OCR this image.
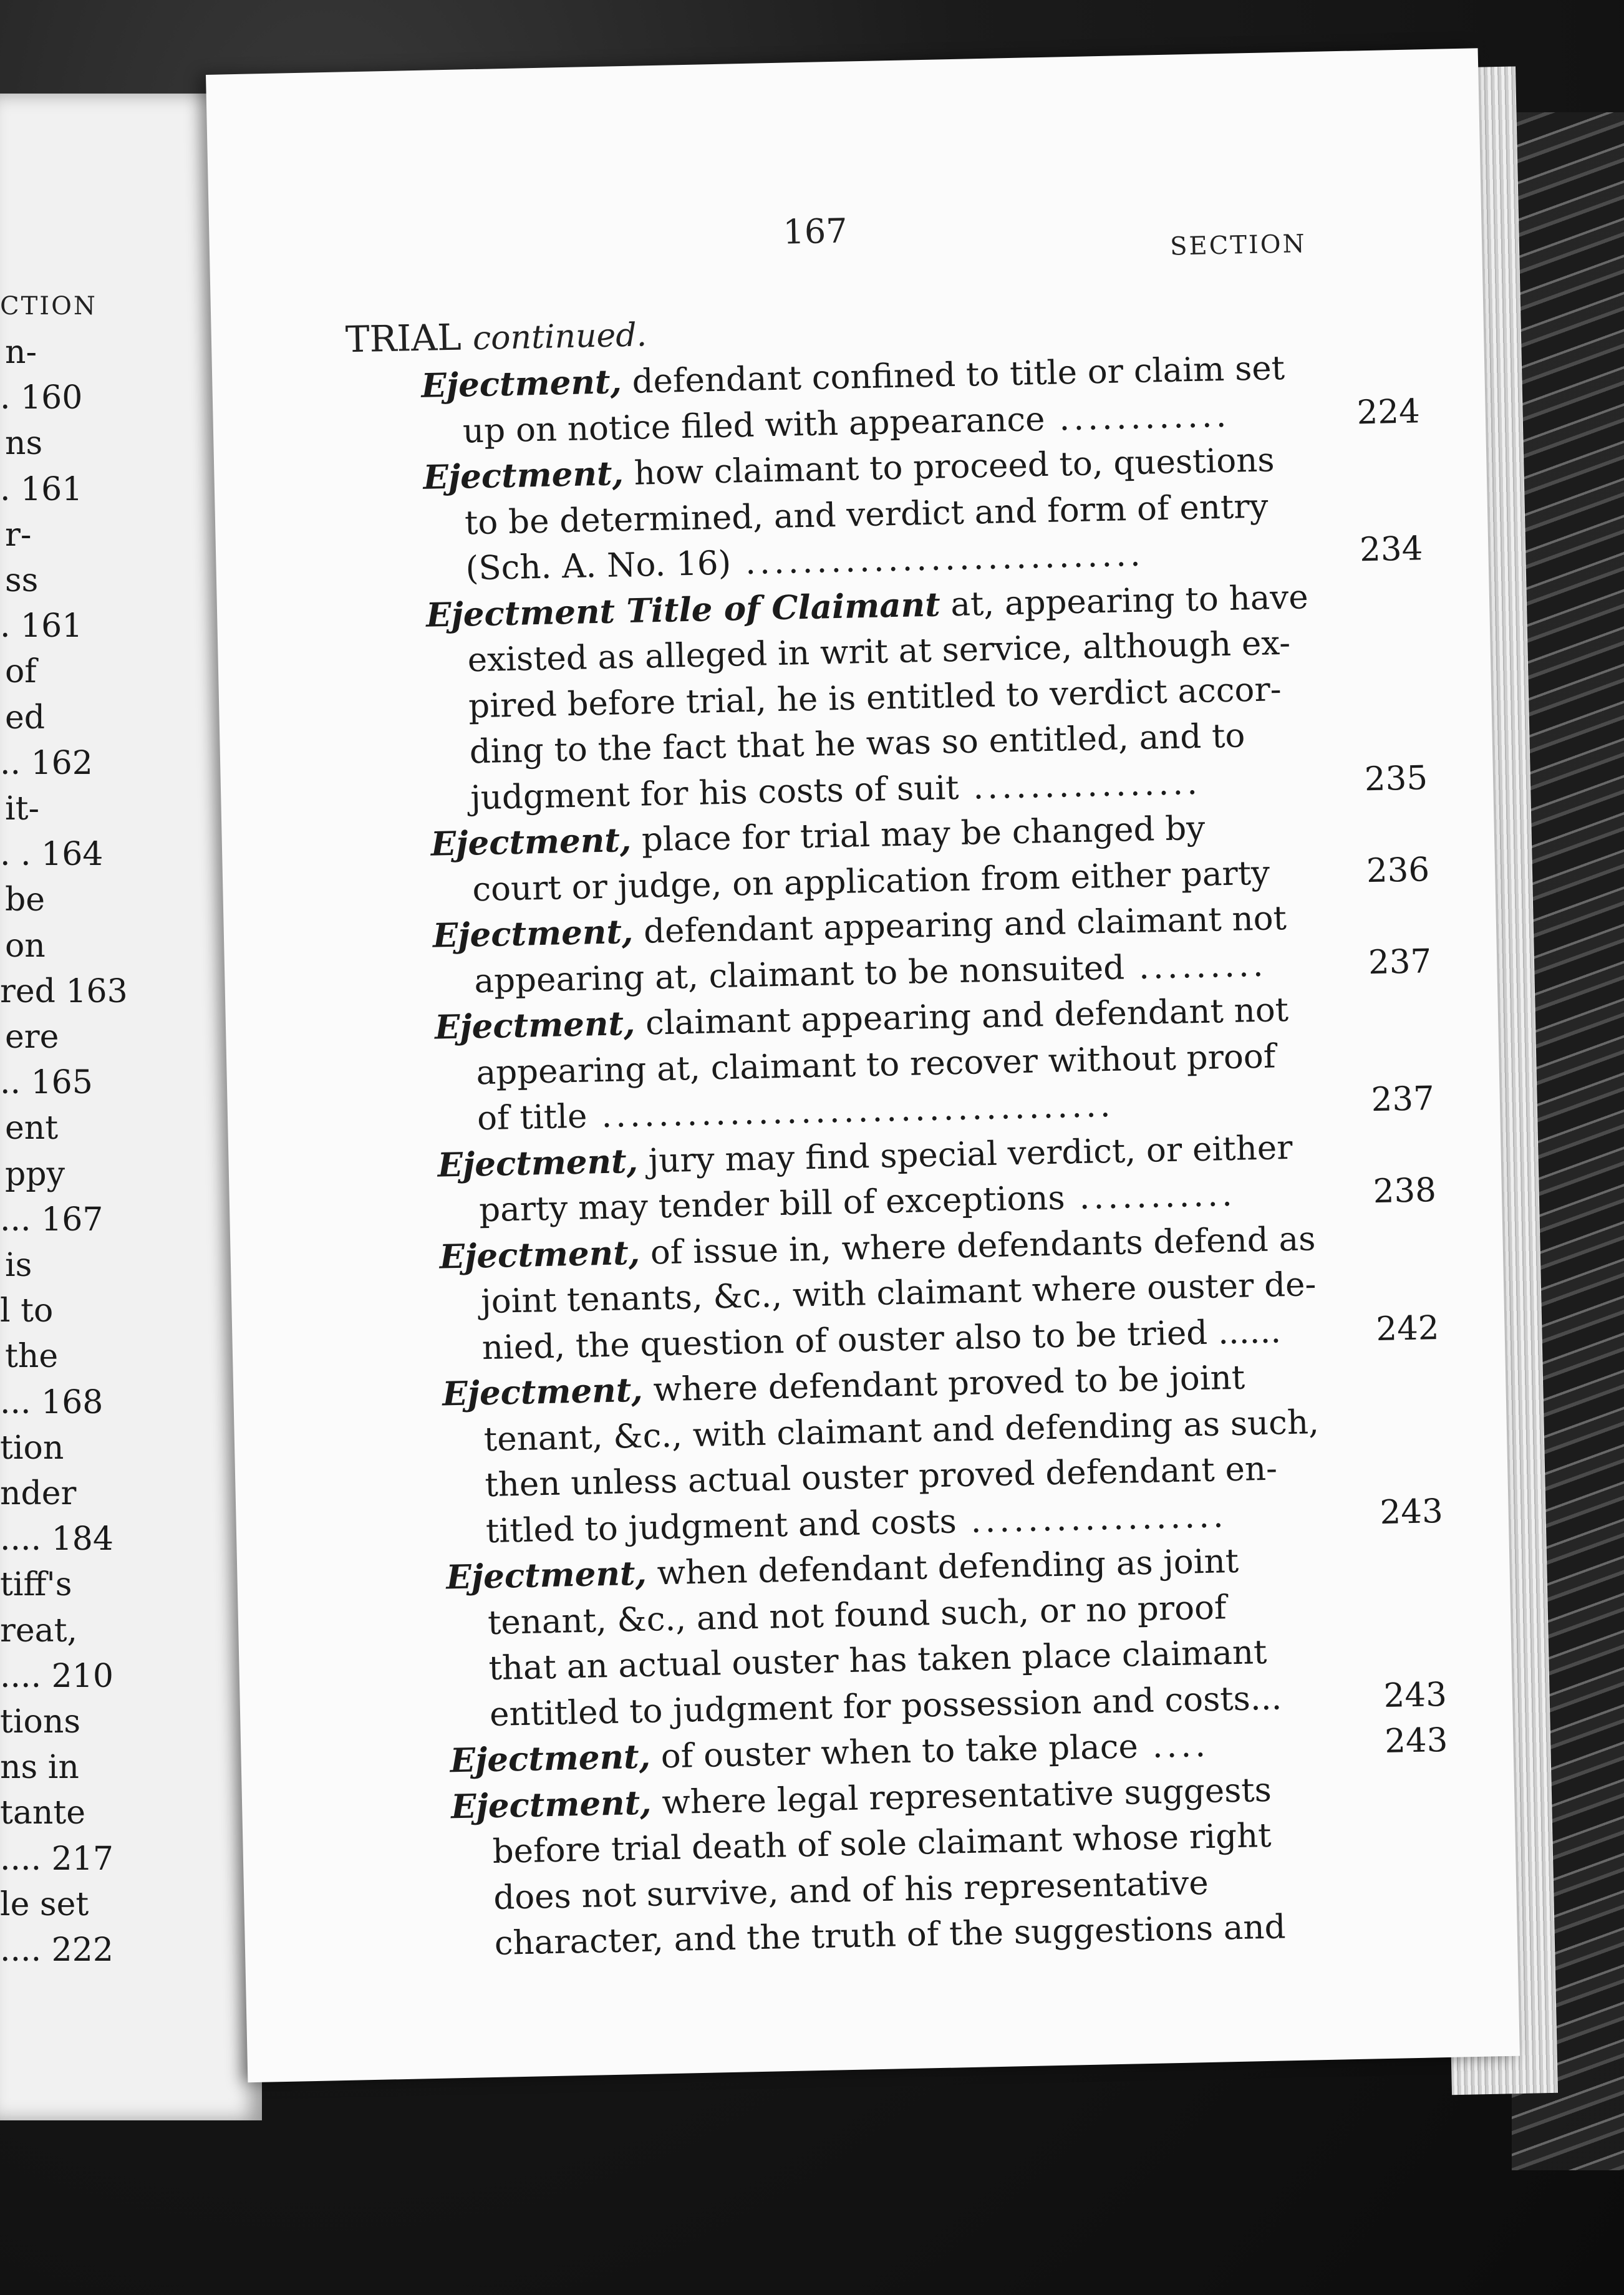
CTION
n-
. 160
ns
. 161
r-
ss
. 161
of
ed
.. 162
it-
. . 164
be
on
red 163
ere
.. 165
ent
ppy
... 167
is
l to
the
... 168
tion
nder
.... 184
tiff's
reat,
.... 210
tions
ns in
tante
.... 217
le set
.... 222
167	SECTION
TRIAL continued.
Ejectment, defendant confined to title or claim set
up on notice filed with appearance ............	224
Ejectment, how claimant to proceed to, questions
to be determined, and verdict and form of entry
(Sch. A. No. 16) ............................	234
Ejectment Title of Claimant at, appearing to have
existed as alleged in writ at service, although ex-
pired before trial, he is entitled to verdict accor-
ding to the fact that he was so entitled, and to
judgment for his costs of suit ................	235
Ejectment, place for trial may be changed by
court or judge, on application from either party	236
Ejectment, defendant appearing and claimant not
appearing at, claimant to be nonsuited .........	237
Ejectment, claimant appearing and defendant not
appearing at, claimant to recover without proof
of title ....................................	237
Ejectment, jury may find special verdict, or either
party may tender bill of exceptions ...........	238
Ejectment, of issue in, where defendants defend as
joint tenants, &c., with claimant where ouster de-
nied, the question of ouster also to be tried ......	242
Ejectment, where defendant proved to be joint
tenant, &c., with claimant and defending as such,
then unless actual ouster proved defendant en-
titled to judgment and costs ..................	243
Ejectment, when defendant defending as joint
tenant, &c., and not found such, or no proof
that an actual ouster has taken place claimant
entitled to judgment for possession and costs...	243
Ejectment, of ouster when to take place ....	243
Ejectment, where legal representative suggests
before trial death of sole claimant whose right
does not survive, and of his representative
character, and the truth of the suggestions and
